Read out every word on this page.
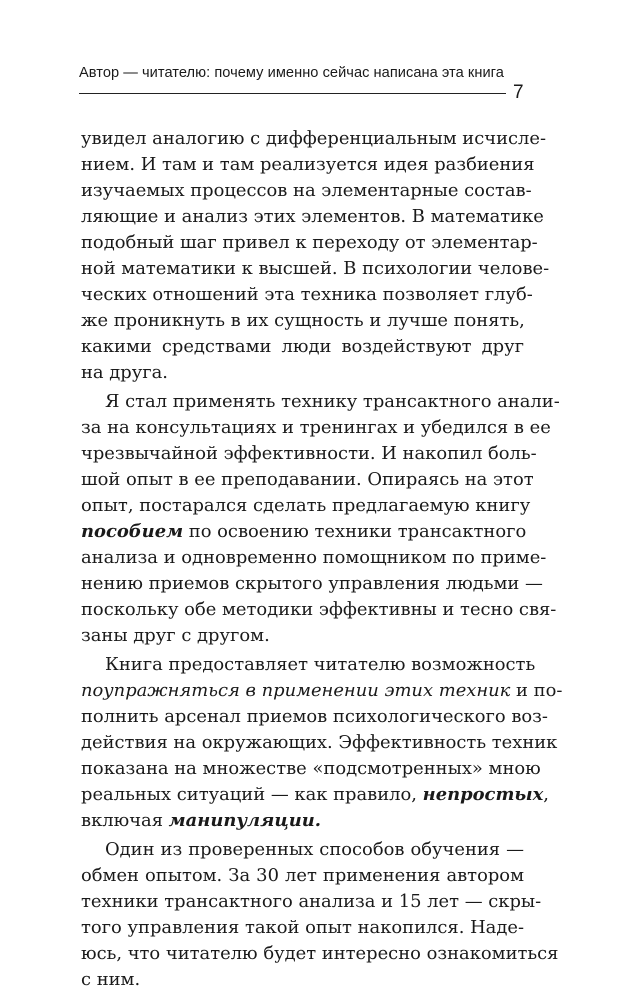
Автор — читателю: почему именно сейчас написана эта книга
7
увидел аналогию с дифференциальным исчисле-
нием. И там и там реализуется идея разбиения
изучаемых процессов на элементарные состав-
ляющие и анализ этих элементов. В математике
подобный шаг привел к переходу от элементар-
ной математики к высшей. В психологии челове-
ческих отношений эта техника позволяет глуб-
же проникнуть в их сущность и лучше понять,
какими средствами люди воздействуют друг
на друга.
Я стал применять технику трансактного анали-
за на консультациях и тренингах и убедился в ее
чрезвычайной эффективности. И накопил боль-
шой опыт в ее преподавании. Опираясь на этот
опыт, постарался сделать предлагаемую книгу
пособием по освоению техники трансактного
анализа и одновременно помощником по приме-
нению приемов скрытого управления людьми —
поскольку обе методики эффективны и тесно свя-
заны друг с другом.
Книга предоставляет читателю возможность
поупражняться в применении этих техник и по-
полнить арсенал приемов психологического воз-
действия на окружающих. Эффективность техник
показана на множестве «подсмотренных» мною
реальных ситуаций — как правило, непростых,
включая манипуляции.
Один из проверенных способов обучения —
обмен опытом. За 30 лет применения автором
техники трансактного анализа и 15 лет — скры-
того управления такой опыт накопился. Наде-
юсь, что читателю будет интересно ознакомиться
с ним.
